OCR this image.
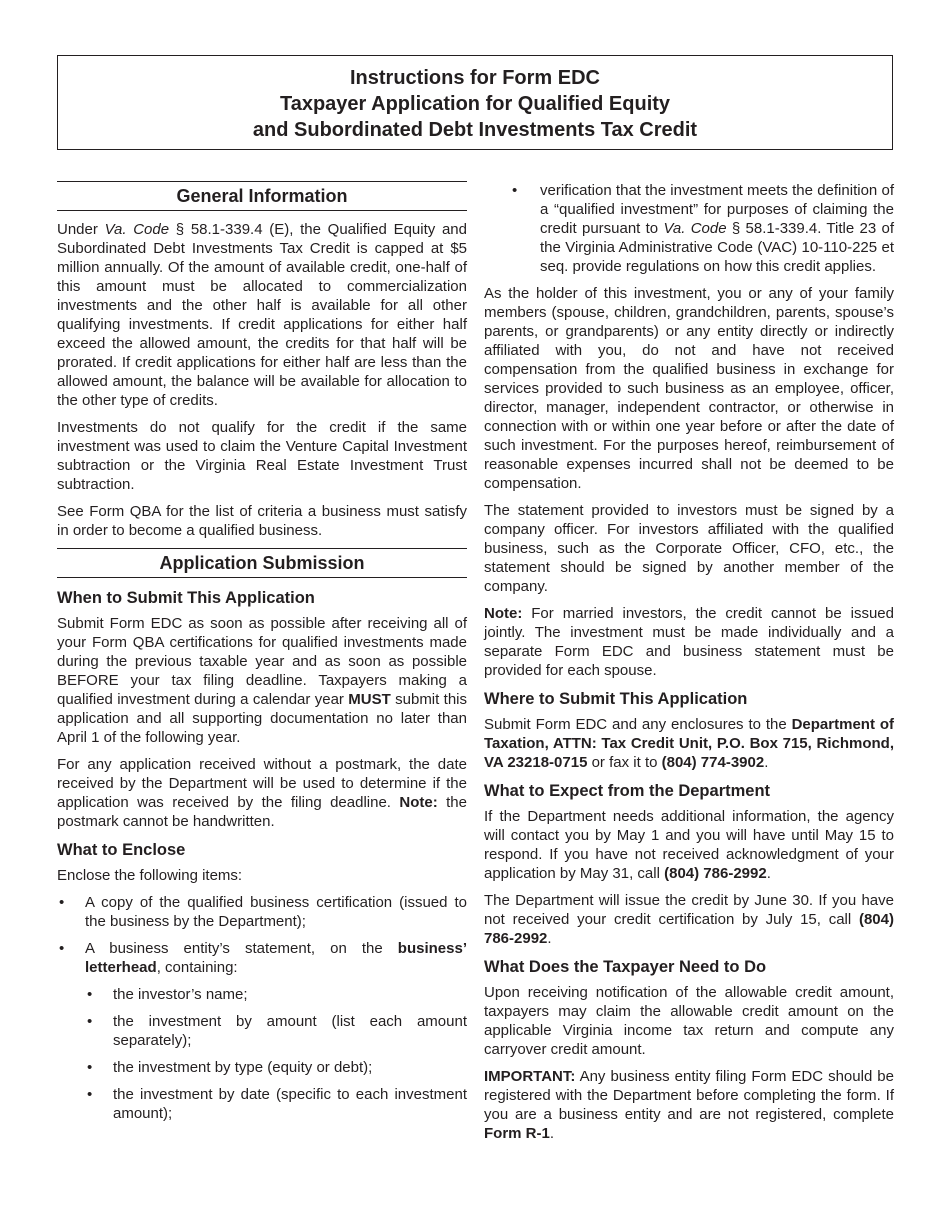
Instructions for Form EDC
Taxpayer Application for Qualified Equity
and Subordinated Debt Investments Tax Credit
General Information

Under Va. Code § 58.1-339.4 (E), the Qualified Equity and Subordinated Debt Investments Tax Credit is capped at $5 million annually. Of the amount of available credit, one-half of this amount must be allocated to commercialization investments and the other half is available for all other qualifying investments. If credit applications for either half exceed the allowed amount, the credits for that half will be prorated. If credit applications for either half are less than the allowed amount, the balance will be available for allocation to the other type of credits.

Investments do not qualify for the credit if the same investment was used to claim the Venture Capital Investment subtraction or the Virginia Real Estate Investment Trust subtraction.

See Form QBA for the list of criteria a business must satisfy in order to become a qualified business.

Application Submission
When to Submit This Application

Submit Form EDC as soon as possible after receiving all of your Form QBA certifications for qualified investments made during the previous taxable year and as soon as possible BEFORE your tax filing deadline. Taxpayers making a qualified investment during a calendar year MUST submit this application and all supporting documentation no later than April 1 of the following year.

For any application received without a postmark, the date received by the Department will be used to determine if the application was received by the filing deadline. Note: the postmark cannot be handwritten.

What to Enclose

Enclose the following items:

• A copy of the qualified business certification (issued to the business by the Department);
• A business entity’s statement, on the business’ letterhead, containing:
• the investor’s name;
• the investment by amount (list each amount separately);
• the investment by type (equity or debt);
• the investment by date (specific to each investment amount);
• verification that the investment meets the definition of a “qualified investment” for purposes of claiming the credit pursuant to Va. Code § 58.1-339.4. Title 23 of the Virginia Administrative Code (VAC) 10-110-225 et seq. provide regulations on how this credit applies.

As the holder of this investment, you or any of your family members (spouse, children, grandchildren, parents, spouse’s parents, or grandparents) or any entity directly or indirectly affiliated with you, do not and have not received compensation from the qualified business in exchange for services provided to such business as an employee, officer, director, manager, independent contractor, or otherwise in connection with or within one year before or after the date of such investment. For the purposes hereof, reimbursement of reasonable expenses incurred shall not be deemed to be compensation.

The statement provided to investors must be signed by a company officer. For investors affiliated with the qualified business, such as the Corporate Officer, CFO, etc., the statement should be signed by another member of the company.

Note: For married investors, the credit cannot be issued jointly. The investment must be made individually and a separate Form EDC and business statement must be provided for each spouse.

Where to Submit This Application

Submit Form EDC and any enclosures to the Department of Taxation, ATTN: Tax Credit Unit, P.O. Box 715, Richmond, VA 23218-0715 or fax it to (804) 774-3902.

What to Expect from the Department

If the Department needs additional information, the agency will contact you by May 1 and you will have until May 15 to respond. If you have not received acknowledgment of your application by May 31, call (804) 786-2992.

The Department will issue the credit by June 30. If you have not received your credit certification by July 15, call (804) 786-2992.

What Does the Taxpayer Need to Do

Upon receiving notification of the allowable credit amount, taxpayers may claim the allowable credit amount on the applicable Virginia income tax return and compute any carryover credit amount.

IMPORTANT: Any business entity filing Form EDC should be registered with the Department before completing the form. If you are a business entity and are not registered, complete Form R-1.
